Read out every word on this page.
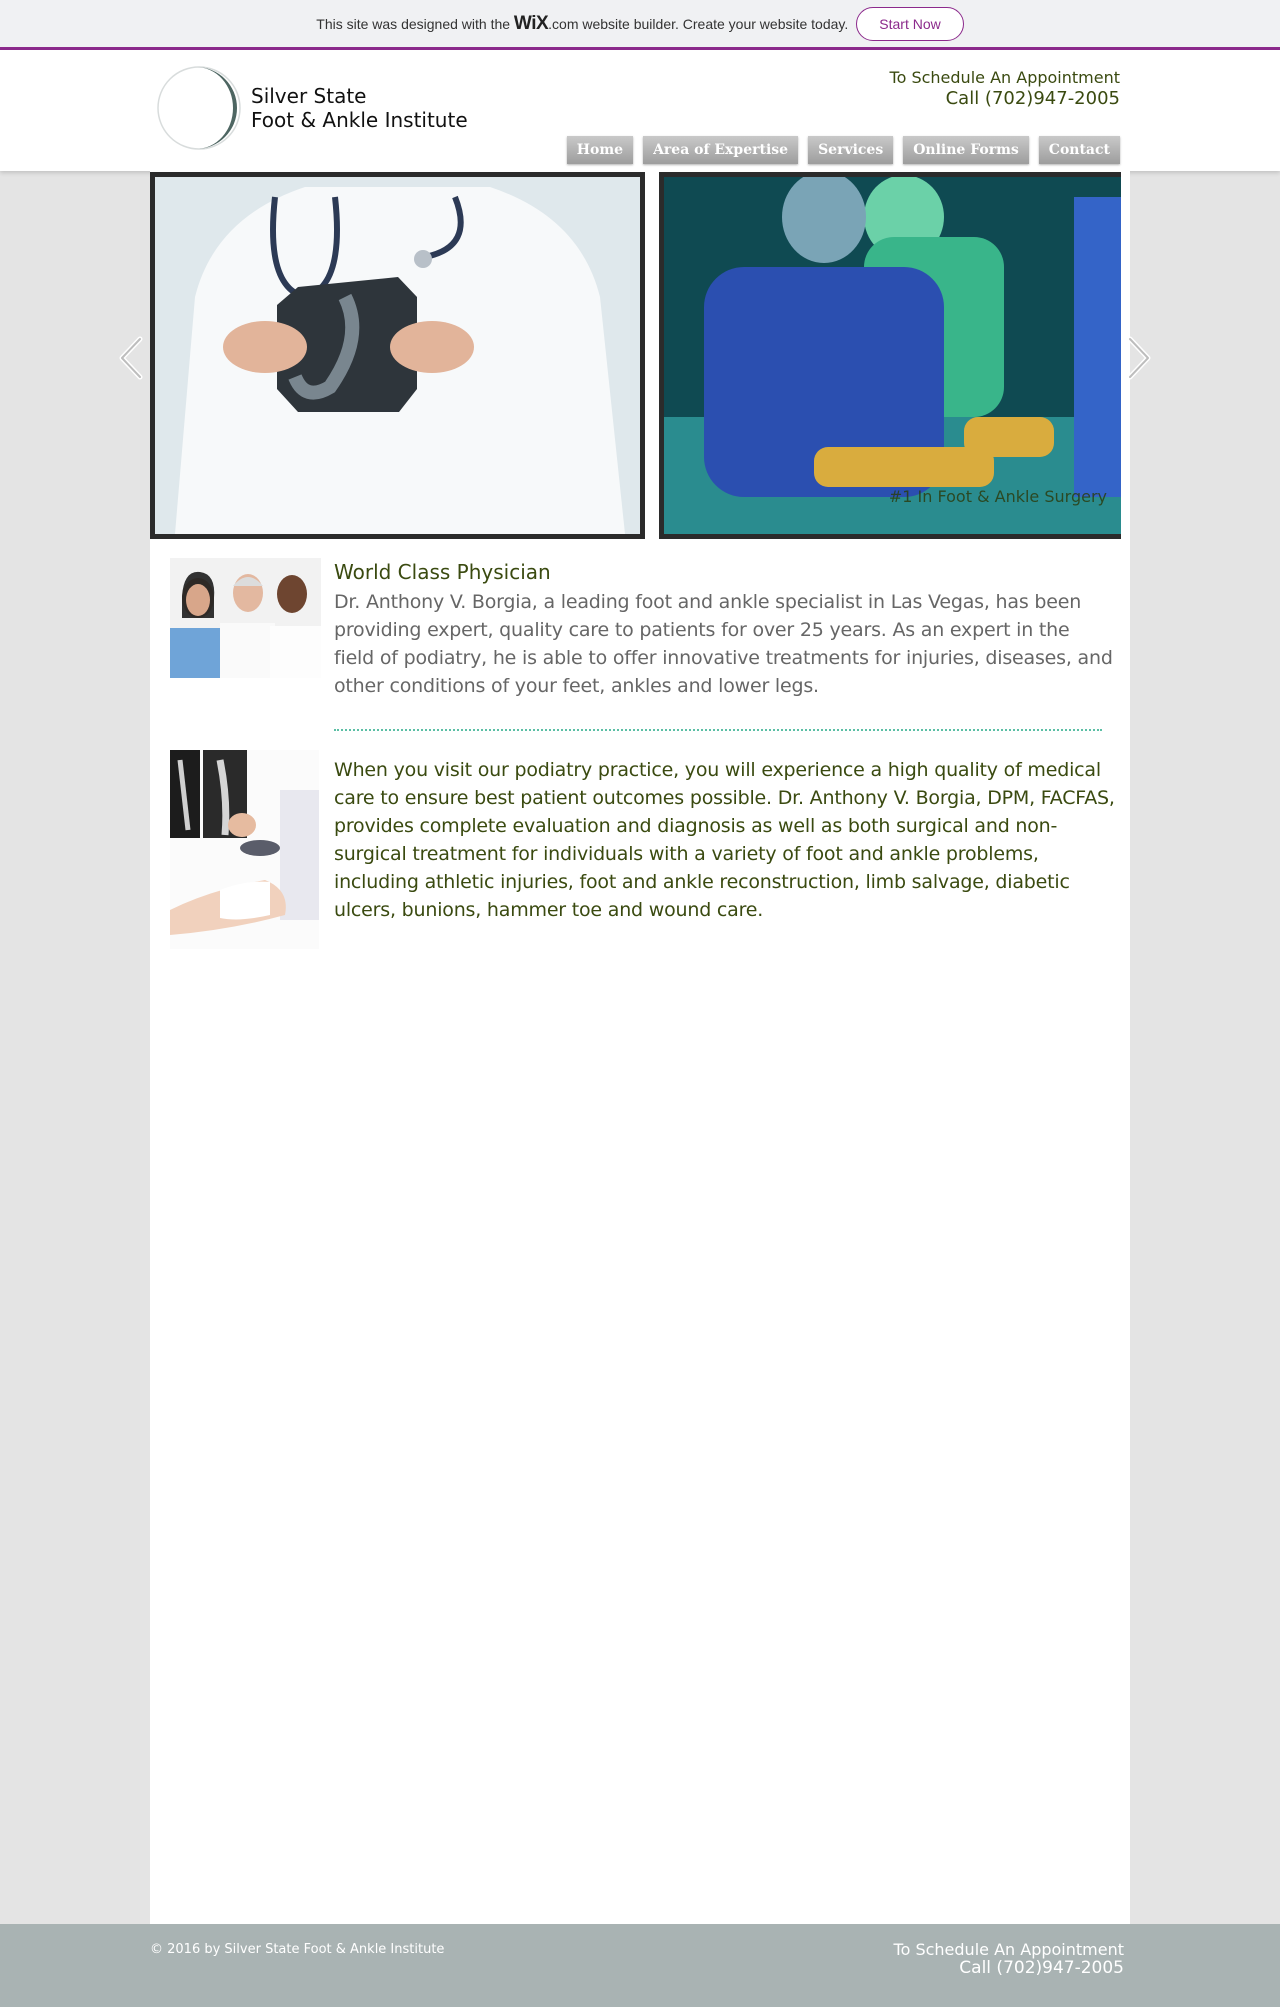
This site was designed with the
WiX .com
website builder. Create your website today.	Start Now
Silver State
Foot & Ankle Institute
To Schedule An Appointment
Call (702)947-2005
Home	Area of Expertise	Services	Online Forms	Contact
#1 In Foot & Ankle Surgery
World Class Physician
Dr. Anthony V. Borgia, a leading foot and ankle specialist in Las Vegas, has been providing expert, quality care to patients for over 25 years. As an expert in the field of podiatry, he is able to offer innovative treatments for injuries, diseases, and other conditions of your feet, ankles and lower legs.
When you visit our podiatry practice, you will experience a high quality of medical care to ensure best patient outcomes possible. Dr. Anthony V. Borgia, DPM, FACFAS, provides complete evaluation and diagnosis as well as both surgical and non-surgical treatment for individuals with a variety of foot and ankle problems, including athletic injuries, foot and ankle reconstruction, limb salvage, diabetic ulcers, bunions, hammer toe and wound care.
© 2016 by Silver State Foot & Ankle Institute	To Schedule An Appointment
Call (702)947-2005
